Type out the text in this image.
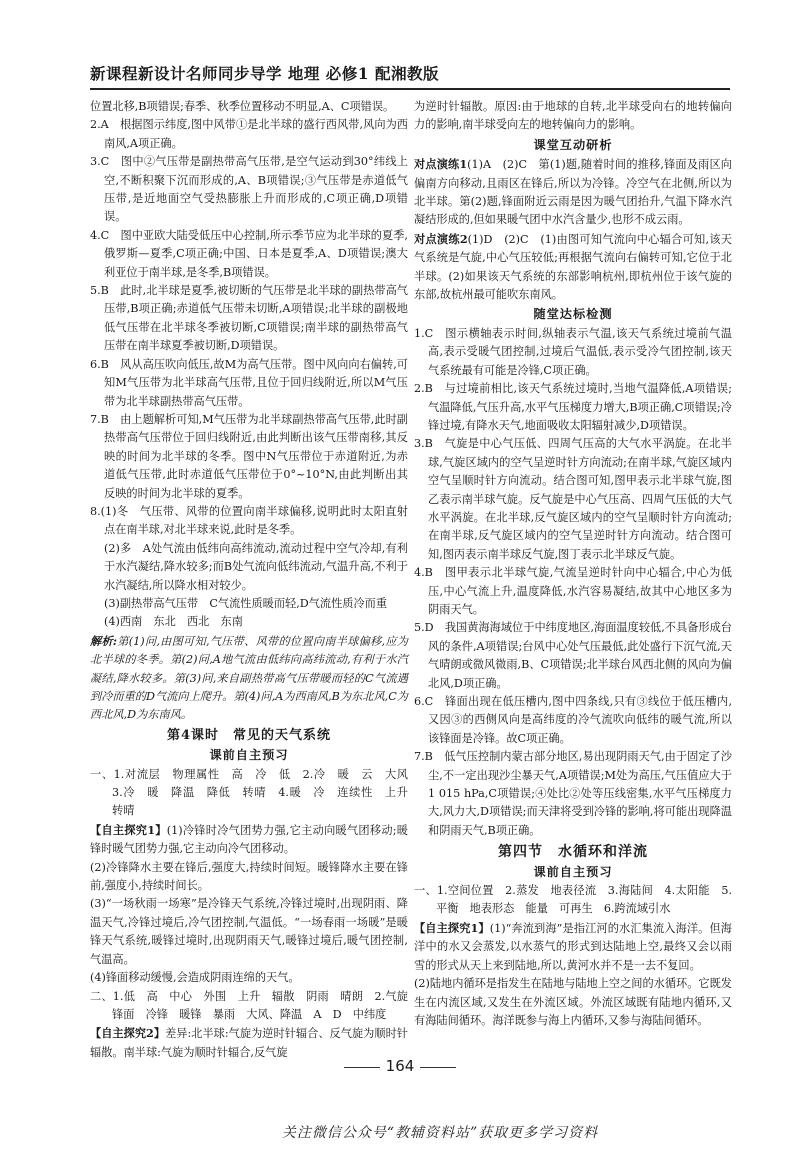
新课程新设计名师同步导学 地理 必修1 配湘教版

位置北移,B项错误;春季、秋季位置移动不明显,A、C项错误。

2.A　根据图示纬度,图中风带①是北半球的盛行西风带,风向为西南风,A项正确。

3.C　图中②气压带是副热带高气压带,是空气运动到30°纬线上空,不断积聚下沉而形成的,A、B项错误;③气压带是赤道低气压带,是近地面空气受热膨胀上升而形成的,C项正确,D项错误。

4.C　图中亚欧大陆受低压中心控制,所示季节应为北半球的夏季,俄罗斯—夏季,C项正确;中国、日本是夏季,A、D项错误;澳大利亚位于南半球,是冬季,B项错误。

5.B　此时,北半球是夏季,被切断的气压带是北半球的副热带高气压带,B项正确;赤道低气压带未切断,A项错误;北半球的副极地低气压带在北半球冬季被切断,C项错误;南半球的副热带高气压带在南半球夏季被切断,D项错误。

6.B　风从高压吹向低压,故M为高气压带。图中风向向右偏转,可知M气压带为北半球高气压带,且位于回归线附近,所以M气压带为北半球副热带高气压带。

7.B　由上题解析可知,M气压带为北半球副热带高气压带,此时副热带高气压带位于回归线附近,由此判断出该气压带南移,其反映的时间为北半球的冬季。图中N气压带位于赤道附近,为赤道低气压带,此时赤道低气压带位于0°~10°N,由此判断出其反映的时间为北半球的夏季。

8.(1)冬　气压带、风带的位置向南半球偏移,说明此时太阳直射点在南半球,对北半球来说,此时是冬季。

(2)多　A处气流由低纬向高纬流动,流动过程中空气冷却,有利于水汽凝结,降水较多;而B处气流向低纬流动,气温升高,不利于水汽凝结,所以降水相对较少。

(3)副热带高气压带　C气流性质暖而轻,D气流性质冷而重

(4)西南　东北　西北　东南

解析:第(1)问,由图可知,气压带、风带的位置向南半球偏移,应为北半球的冬季。第(2)问,A地气流由低纬向高纬流动,有利于水汽凝结,降水较多。第(3)问,来自副热带高气压带暖而轻的C气流遇到冷而重的D气流向上爬升。第(4)问,A为西南风,B为东北风,C为西北风,D为东南风。

第4课时　常见的天气系统
课前自主预习

一、1.对流层　物理属性　高　冷　低　2.冷　暖　云　大风　3.冷　暖　降温　降低　转晴　4.暖　冷　连续性　上升　转晴

【自主探究1】(1)冷锋时冷气团势力强,它主动向暖气团移动;暖锋时暖气团势力强,它主动向冷气团移动。

(2)冷锋降水主要在锋后,强度大,持续时间短。暖锋降水主要在锋前,强度小,持续时间长。

(3)“一场秋雨一场寒”是冷锋天气系统,冷锋过境时,出现阴雨、降温天气,冷锋过境后,冷气团控制,气温低。“一场春雨一场暖”是暖锋天气系统,暖锋过境时,出现阴雨天气,暖锋过境后,暖气团控制,气温高。

(4)锋面移动缓慢,会造成阴雨连绵的天气。

二、1.低　高　中心　外围　上升　辐散　阴雨　晴朗　2.气旋　锋面　冷锋　暖锋　暴雨　大风、降温　A　D　中纬度

【自主探究2】差异:北半球:气旋为逆时针辐合、反气旋为顺时针辐散。南半球:气旋为顺时针辐合,反气旋

为逆时针辐散。原因:由于地球的自转,北半球受向右的地转偏向力的影响,南半球受向左的地转偏向力的影响。

课堂互动研析

对点演练1(1)A　(2)C　第(1)题,随着时间的推移,锋面及雨区向偏南方向移动,且雨区在锋后,所以为冷锋。冷空气在北侧,所以为北半球。第(2)题,锋面附近云雨是因为暖气团抬升,气温下降水汽凝结形成的,但如果暖气团中水汽含量少,也形不成云雨。

对点演练2(1)D　(2)C　(1)由图可知气流向中心辐合可知,该天气系统是气旋,中心气压较低;再根据气流向右偏转可知,它位于北半球。(2)如果该天气系统的东部影响杭州,即杭州位于该气旋的东部,故杭州最可能吹东南风。

随堂达标检测

1.C　图示横轴表示时间,纵轴表示气温,该天气系统过境前气温高,表示受暖气团控制,过境后气温低,表示受冷气团控制,该天气系统最有可能是冷锋,C项正确。

2.B　与过境前相比,该天气系统过境时,当地气温降低,A项错误;气温降低,气压升高,水平气压梯度力增大,B项正确,C项错误;冷锋过境,有降水天气,地面吸收太阳辐射减少,D项错误。

3.B　气旋是中心气压低、四周气压高的大气水平涡旋。在北半球,气旋区域内的空气呈逆时针方向流动;在南半球,气旋区域内空气呈顺时针方向流动。结合图可知,图甲表示北半球气旋,图乙表示南半球气旋。反气旋是中心气压高、四周气压低的大气水平涡旋。在北半球,反气旋区域内的空气呈顺时针方向流动;在南半球,反气旋区域内的空气呈逆时针方向流动。结合图可知,图丙表示南半球反气旋,图丁表示北半球反气旋。

4.B　图甲表示北半球气旋,气流呈逆时针向中心辐合,中心为低压,中心气流上升,温度降低,水汽容易凝结,故其中心地区多为阴雨天气。

5.D　我国黄海海域位于中纬度地区,海面温度较低,不具备形成台风的条件,A项错误;台风中心处气压最低,此处盛行下沉气流,天气晴朗或微风微雨,B、C项错误;北半球台风西北侧的风向为偏北风,D项正确。

6.C　锋面出现在低压槽内,图中四条线,只有③线位于低压槽内,又因③的西侧风向是高纬度的冷气流吹向低纬的暖气流,所以该锋面是冷锋。故C项正确。

7.B　低气压控制内蒙古部分地区,易出现阴雨天气,由于固定了沙尘,不一定出现沙尘暴天气,A项错误;M处为高压,气压值应大于1 015 hPa,C项错误;④处比②处等压线密集,水平气压梯度力大,风力大,D项错误;而天津将受到冷锋的影响,将可能出现降温和阴雨天气,B项正确。

第四节　水循环和洋流
课前自主预习

一、1.空间位置　2.蒸发　地表径流　3.海陆间　4.太阳能　5.平衡　地表形态　能量　可再生　6.跨流域引水

【自主探究1】(1)“奔流到海”是指江河的水汇集流入海洋。但海洋中的水又会蒸发,以水蒸气的形式到达陆地上空,最终又会以雨雪的形式从天上来到陆地,所以,黄河水并不是一去不复回。

(2)陆地内循环是指发生在陆地与陆地上空之间的水循环。它既发生在内流区域,又发生在外流区域。外流区域既有陆地内循环,又有海陆间循环。海洋既参与海上内循环,又参与海陆间循环。

164
关注微信公众号“教辅资料站”获取更多学习资料
